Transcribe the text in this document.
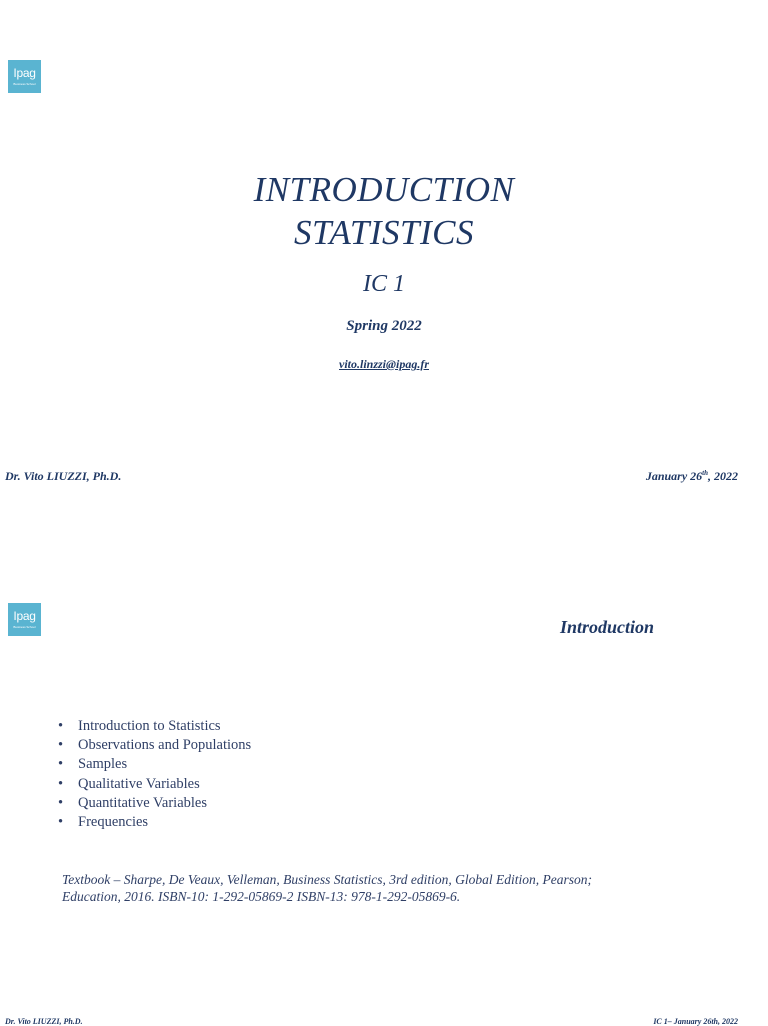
Ipag
Business School
INTRODUCTION
STATISTICS
IC 1
Spring 2022
vito.linzzi@ipag.fr
Dr. Vito LIUZZI, Ph.D.	January 26th, 2022
Ipag
Business School	Introduction
• Introduction to Statistics
• Observations and Populations
• Samples
• Qualitative Variables
• Quantitative Variables
• Frequencies
Textbook – Sharpe, De Veaux, Velleman, Business Statistics, 3rd edition, Global Edition, Pearson;
Education, 2016. ISBN-10: 1-292-05869-2 ISBN-13: 978-1-292-05869-6.
Dr. Vito LIUZZI, Ph.D.	IC 1– January 26th, 2022
